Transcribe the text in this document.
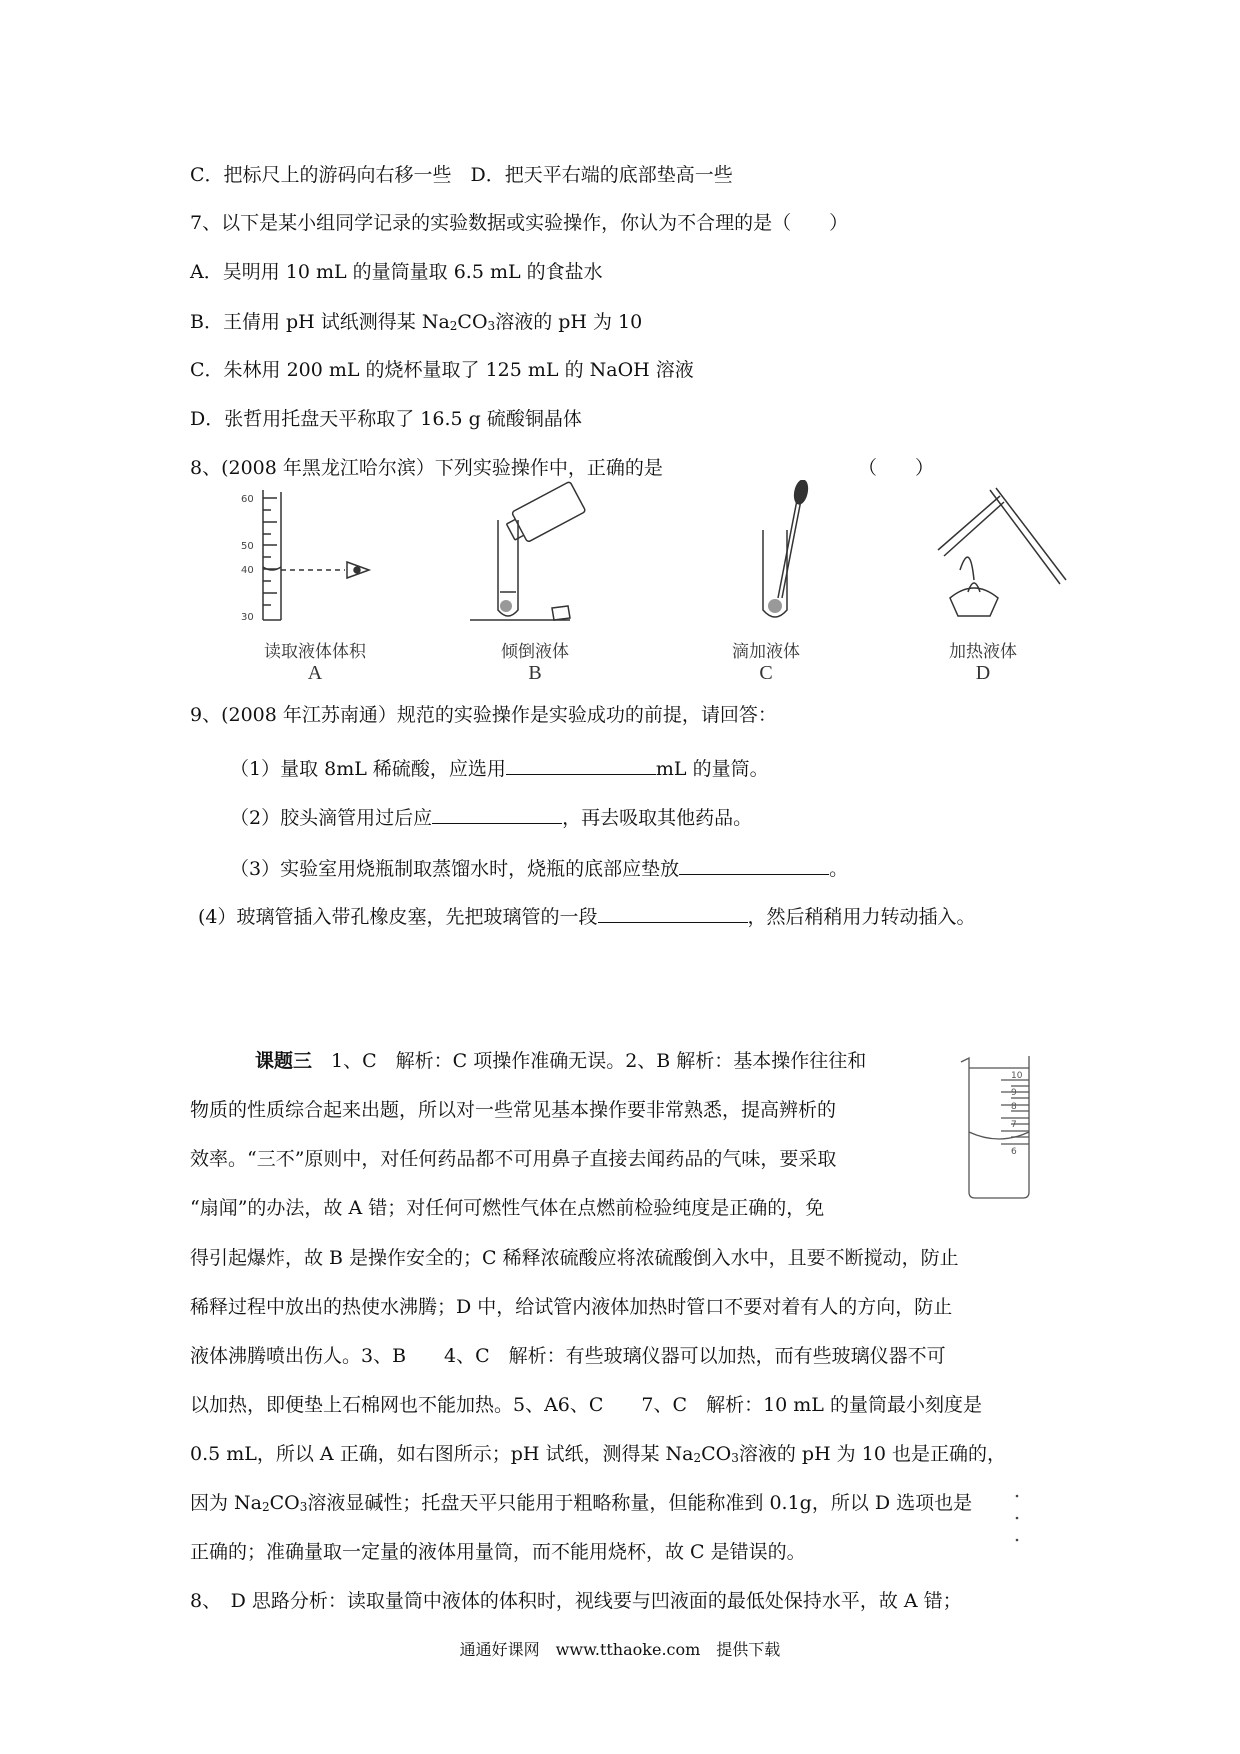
C．把标尺上的游码向右移一些　D．把天平右端的底部垫高一些
7、以下是某小组同学记录的实验数据或实验操作，你认为不合理的是（　　）
A．吴明用 10 mL 的量筒量取 6.5 mL 的食盐水
B．王倩用 pH 试纸测得某 $Na_2CO_3$溶液的 pH 为 10
C．朱林用 200 mL 的烧杯量取了 125 mL 的 NaOH 溶液
D．张哲用托盘天平称取了 16.5 g 硫酸铜晶体
8、(2008 年黑龙江哈尔滨）下列实验操作中，正确的是	（　　）
60
50
40
30
读取液体体积
A
倾倒液体
B
滴加液体
C
加热液体
D
9、(2008 年江苏南通）规范的实验操作是实验成功的前提，请回答：
（1）量取 8mL 稀硫酸，应选用	mL 的量筒。
（2）胶头滴管用过后应	，再去吸取其他药品。
（3）实验室用烧瓶制取蒸馏水时，烧瓶的底部应垫放	。
(4）玻璃管插入带孔橡皮塞，先把玻璃管的一段	，然后稍稍用力转动插入。
课题三　1、C　解析：C 项操作准确无误。2、B 解析：基本操作往往和
物质的性质综合起来出题，所以对一些常见基本操作要非常熟悉，提高辨析的
效率。“三不”原则中，对任何药品都不可用鼻子直接去闻药品的气味，要采取
“扇闻”的办法，故 A 错；对任何可燃性气体在点燃前检验纯度是正确的，免
得引起爆炸，故 B 是操作安全的；C 稀释浓硫酸应将浓硫酸倒入水中，且要不断搅动，防止
稀释过程中放出的热使水沸腾；D 中，给试管内液体加热时管口不要对着有人的方向，防止
液体沸腾喷出伤人。3、B　　4、C　解析：有些玻璃仪器可以加热，而有些玻璃仪器不可
以加热，即便垫上石棉网也不能加热。5、A6、C　　7、C　解析：10 mL 的量筒最小刻度是
0.5 mL，所以 A 正确，如右图所示；pH 试纸，测得某 $Na_2CO_3$溶液的 pH 为 10 也是正确的，
因为 $Na_2CO_3$溶液显碱性；托盘天平只能用于粗略称量，但能称准到 0.1g，所以 D 选项也是
正确的；准确量取一定量的液体用量筒，而不能用烧杯，故 C 是错误的。
8、　D 思路分析：读取量筒中液体的体积时，视线要与凹液面的最低处保持水平，故 A 错；
10
9
8
7
6
通通好课网　www.tthaoke.com　提供下载
